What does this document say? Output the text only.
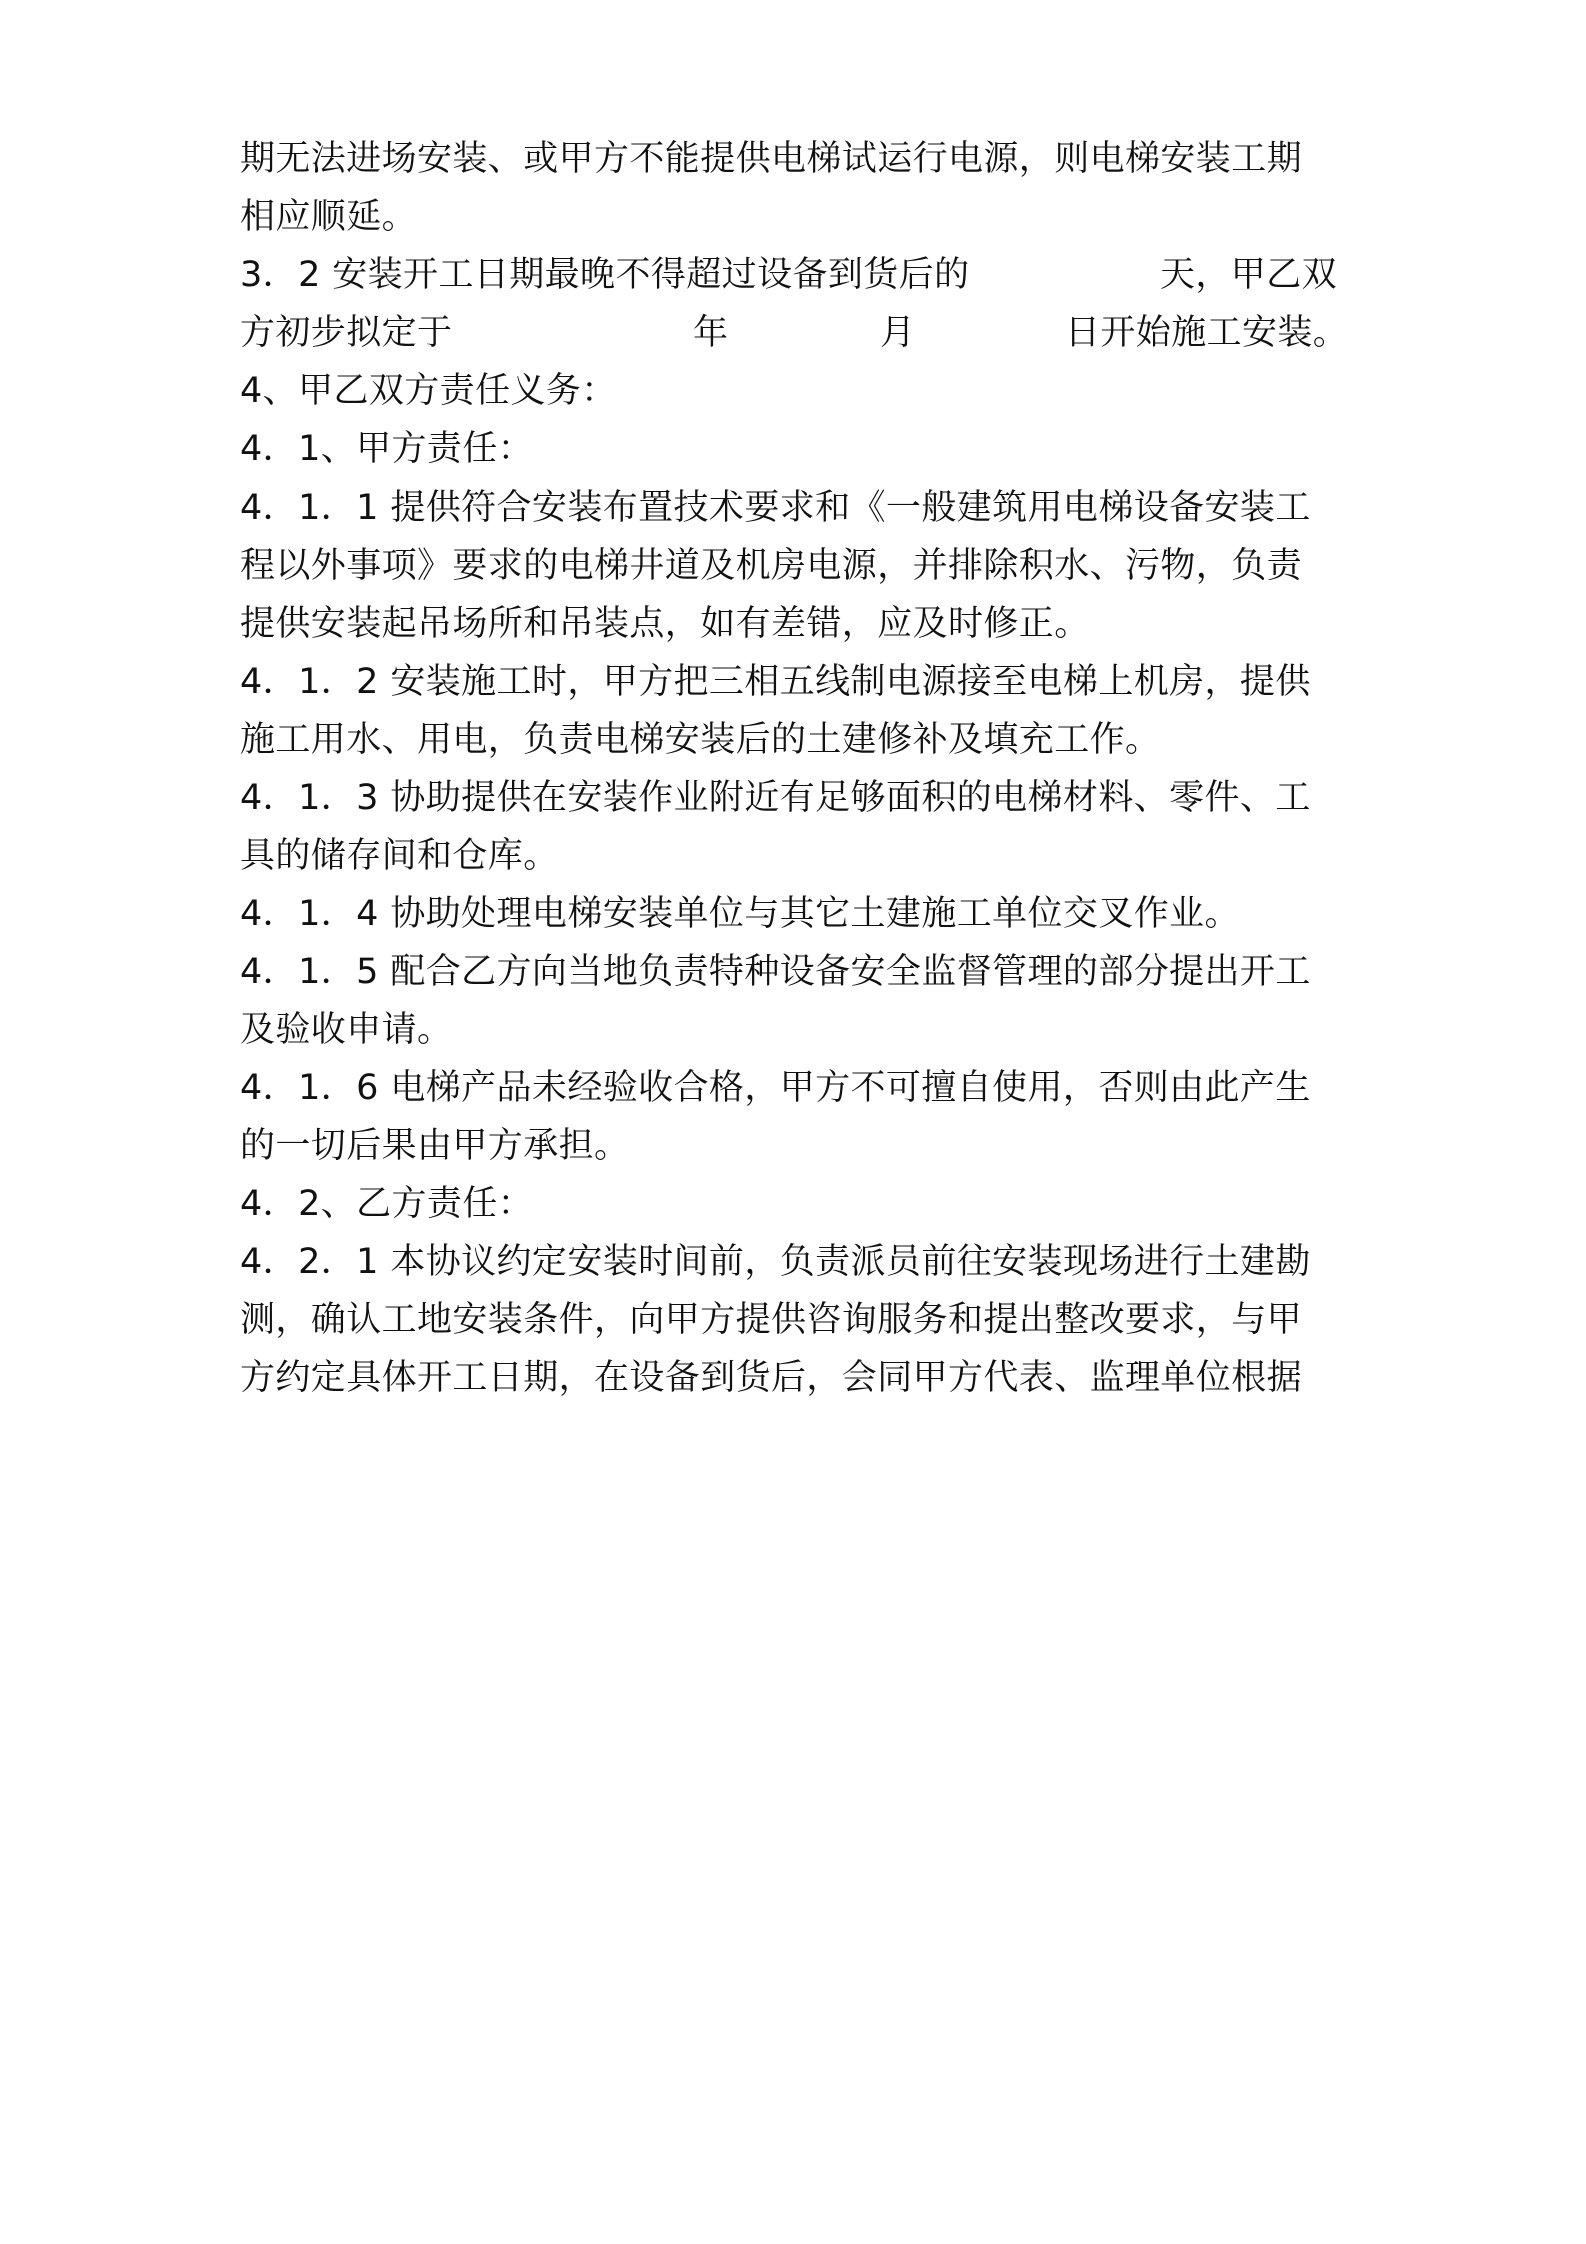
期无法进场安装、或甲方不能提供电梯试运行电源，则电梯安装工期
相应顺延。
3．2 安装开工日期最晚不得超过设备到货后的	天，甲乙双
方初步拟定于	年	月	日开始施工安装。
4、甲乙双方责任义务：
4．1、甲方责任：
4．1．1 提供符合安装布置技术要求和《一般建筑用电梯设备安装工
程以外事项》要求的电梯井道及机房电源，并排除积水、污物，负责
提供安装起吊场所和吊装点，如有差错，应及时修正。
4．1．2 安装施工时，甲方把三相五线制电源接至电梯上机房，提供
施工用水、用电，负责电梯安装后的土建修补及填充工作。
4．1．3 协助提供在安装作业附近有足够面积的电梯材料、零件、工
具的储存间和仓库。
4．1．4 协助处理电梯安装单位与其它土建施工单位交叉作业。
4．1．5 配合乙方向当地负责特种设备安全监督管理的部分提出开工
及验收申请。
4．1．6 电梯产品未经验收合格，甲方不可擅自使用，否则由此产生
的一切后果由甲方承担。
4．2、乙方责任：
4．2．1 本协议约定安装时间前，负责派员前往安装现场进行土建勘
测，确认工地安装条件，向甲方提供咨询服务和提出整改要求，与甲
方约定具体开工日期，在设备到货后，会同甲方代表、监理单位根据
